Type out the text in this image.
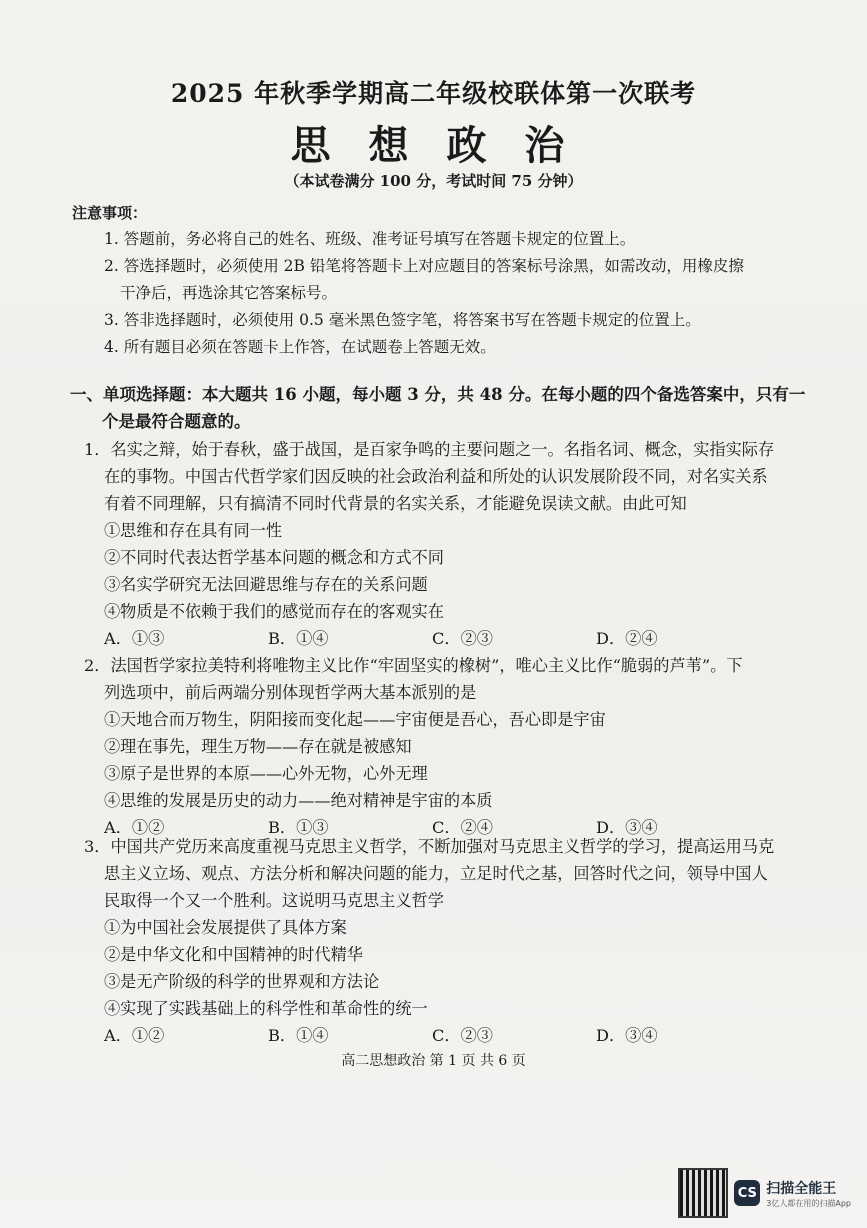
2025 年秋季学期高二年级校联体第一次联考
思 想 政 治
（本试卷满分 100 分，考试时间 75 分钟）
注意事项：

1. 答题前，务必将自己的姓名、班级、准考证号填写在答题卡规定的位置上。

2. 答选择题时，必须使用 2B 铅笔将答题卡上对应题目的答案标号涂黑，如需改动，用橡皮擦

干净后，再选涂其它答案标号。

3. 答非选择题时，必须使用 0.5 毫米黑色签字笔，将答案书写在答题卡规定的位置上。

4. 所有题目必须在答题卡上作答，在试题卷上答题无效。

一、单项选择题：本大题共 16 小题，每小题 3 分，共 48 分。在每小题的四个备选答案中，只有一
个是最符合题意的。

1．名实之辩，始于春秋，盛于战国，是百家争鸣的主要问题之一。名指名词、概念，实指实际存

在的事物。中国古代哲学家们因反映的社会政治利益和所处的认识发展阶段不同，对名实关系

有着不同理解，只有搞清不同时代背景的名实关系，才能避免误读文献。由此可知

①思维和存在具有同一性

②不同时代表达哲学基本问题的概念和方式不同

③名实学研究无法回避思维与存在的关系问题

④物质是不依赖于我们的感觉而存在的客观实在

A．①③	B．①④	C．②③	D．②④

2．法国哲学家拉美特利将唯物主义比作“牢固坚实的橡树”，唯心主义比作“脆弱的芦苇”。下

列选项中，前后两端分别体现哲学两大基本派别的是

①天地合而万物生，阴阳接而变化起——宇宙便是吾心，吾心即是宇宙

②理在事先，理生万物——存在就是被感知

③原子是世界的本原——心外无物，心外无理

④思维的发展是历史的动力——绝对精神是宇宙的本质

A．①②	B．①③	C．②④	D．③④

3．中国共产党历来高度重视马克思主义哲学，不断加强对马克思主义哲学的学习，提高运用马克

思主义立场、观点、方法分析和解决问题的能力，立足时代之基，回答时代之问，领导中国人

民取得一个又一个胜利。这说明马克思主义哲学

①为中国社会发展提供了具体方案

②是中华文化和中国精神的时代精华

③是无产阶级的科学的世界观和方法论

④实现了实践基础上的科学性和革命性的统一

A．①②	B．①④	C．②③	D．③④
高二思想政治 第 1 页 共 6 页
CS 扫描全能王
3亿人都在用的扫描App
